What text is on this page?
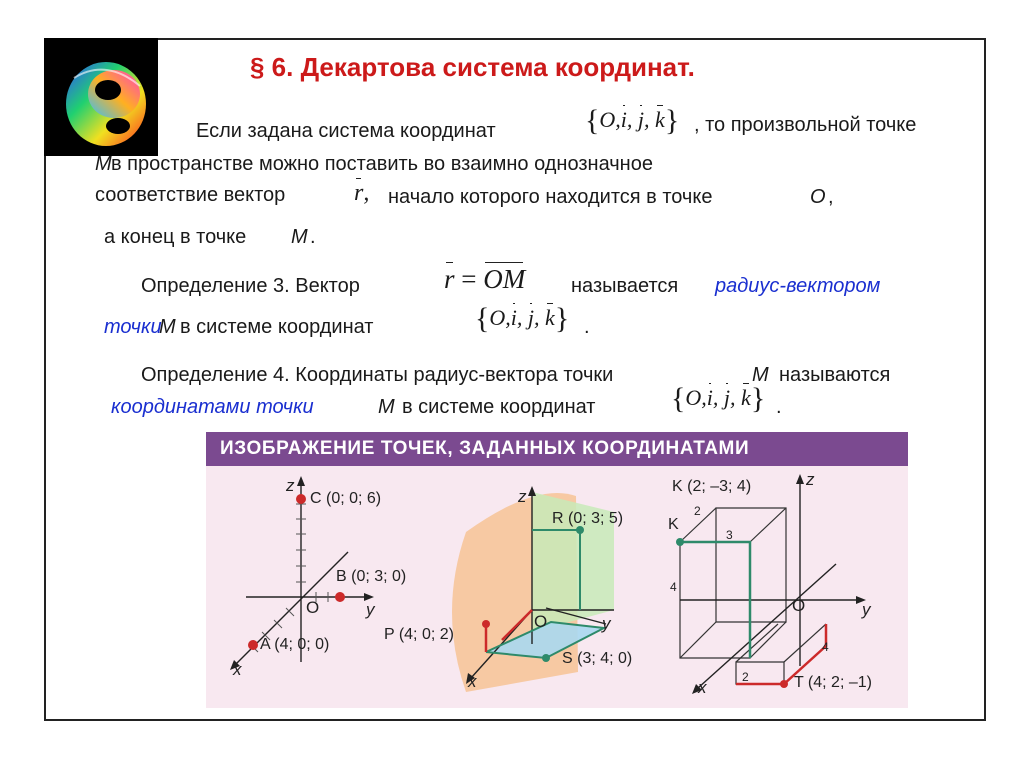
§ 6. Декартова система координат.
Если задана система координат	{O,i, j, k} , то произвольной точке
M в пространстве можно поставить во взаимно однозначное
соответствие вектор	r, начало которого находится в точке	O ,
а конец в точке M .
Определение 3. Вектор	r = OM называется радиус-вектором
точки
M в системе координат	{O,i, j, k} .
Определение 4. Координаты радиус-вектора точки	M называются
координатами точки	M в системе координат	{O,i, j, k} .
ИЗОБРАЖЕНИЕ ТОЧЕК, ЗАДАННЫХ КООРДИНАТАМИ
z
y
x
O
C (0; 0; 6)
B (0; 3; 0)
A (4; 0; 0)
z
y
x
O
R (0; 3; 5)
P (4; 0; 2)
S (3; 4; 0)
z
y
x
O
K (2; –3; 4)
K
T (4; 2; –1)
2
3
4
4
2
